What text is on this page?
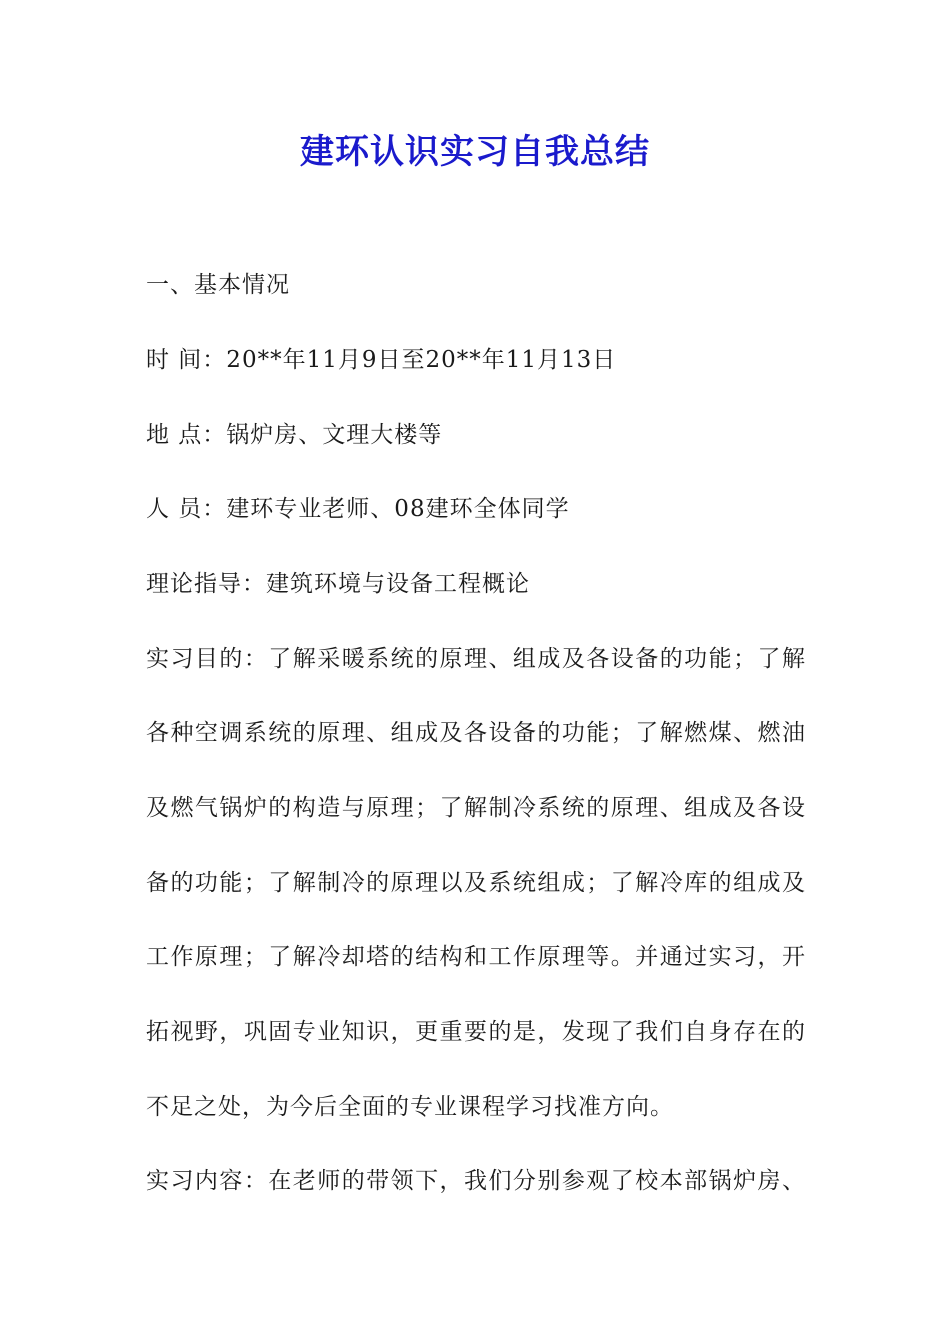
建环认识实习自我总结
一、基本情况
时 间：20**年11月9日至20**年11月13日
地 点：锅炉房、文理大楼等
人 员：建环专业老师、08建环全体同学
理论指导：建筑环境与设备工程概论
实习目的：了解采暖系统的原理、组成及各设备的功能；了解
各种空调系统的原理、组成及各设备的功能；了解燃煤、燃油
及燃气锅炉的构造与原理；了解制冷系统的原理、组成及各设
备的功能；了解制冷的原理以及系统组成；了解冷库的组成及
工作原理；了解冷却塔的结构和工作原理等。并通过实习，开
拓视野，巩固专业知识，更重要的是，发现了我们自身存在的
不足之处，为今后全面的专业课程学习找准方向。
实习内容：在老师的带领下，我们分别参观了校本部锅炉房、
